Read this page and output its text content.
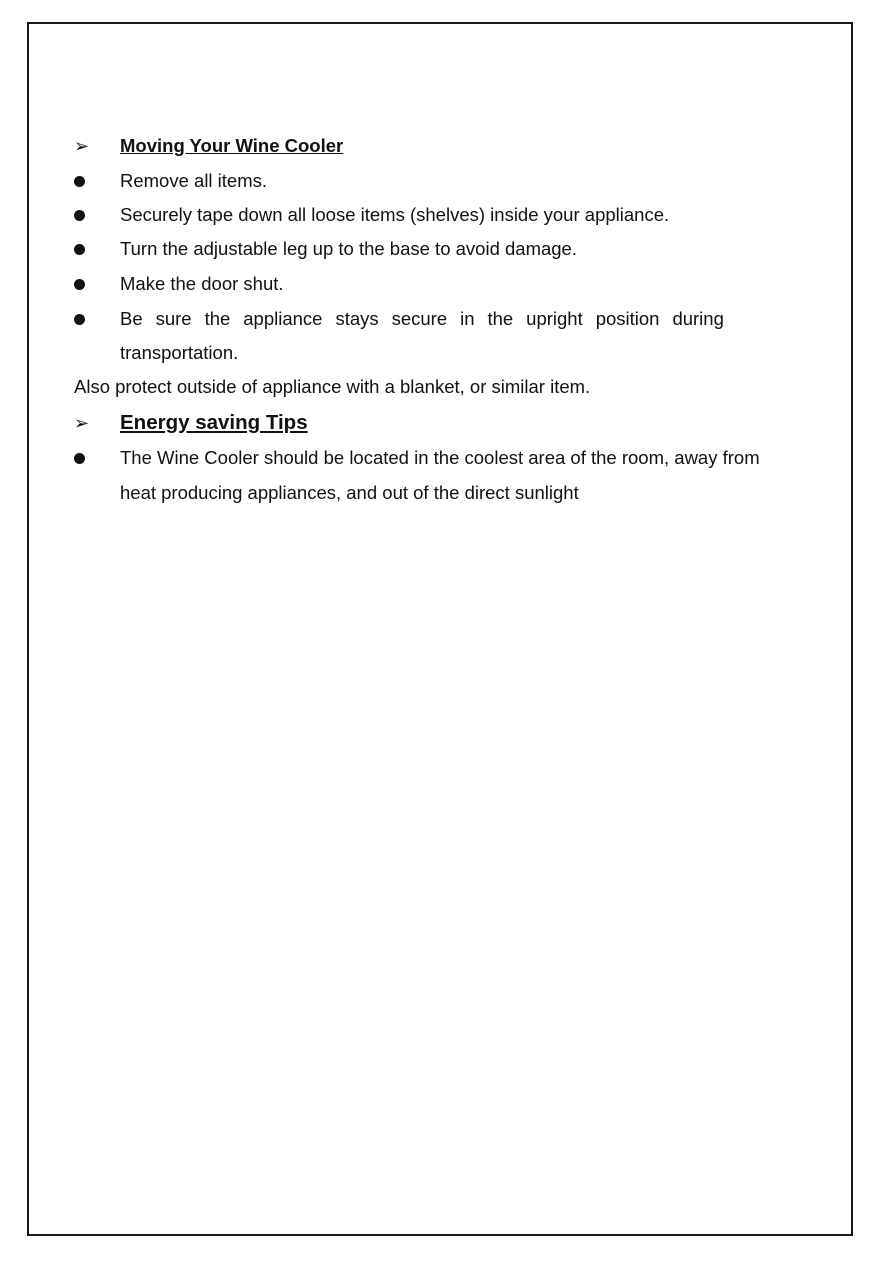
➢ Moving Your Wine Cooler
Remove all items.
Securely tape down all loose items (shelves) inside your appliance.
Turn the adjustable leg up to the base to avoid damage.
Make the door shut.
Be sure the appliance stays secure in the upright position during
transportation.
Also protect outside of appliance with a blanket, or similar item.
➢ Energy saving Tips
The Wine Cooler should be located in the coolest area of the room, away from
heat producing appliances, and out of the direct sunlight
